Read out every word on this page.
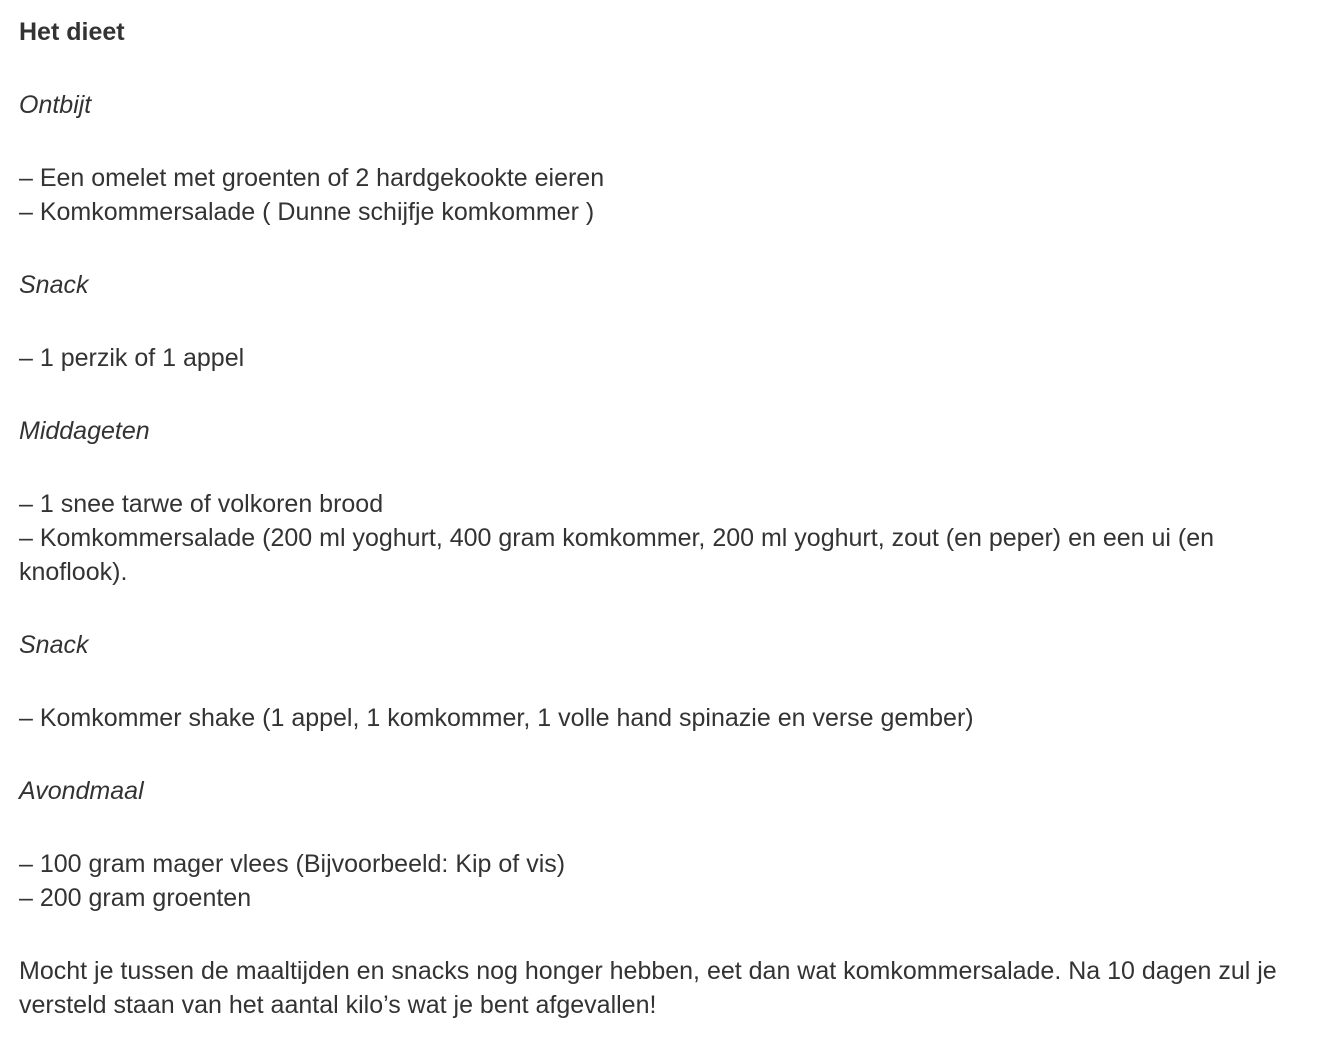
Het dieet
Ontbijt
– Een omelet met groenten of 2 hardgekookte eieren
– Komkommersalade ( Dunne schijfje komkommer )
Snack
– 1 perzik of 1 appel
Middageten
– 1 snee tarwe of volkoren brood
– Komkommersalade (200 ml yoghurt, 400 gram komkommer, 200 ml yoghurt, zout (en peper) en een ui (en knoflook).
Snack
– Komkommer shake (1 appel, 1 komkommer, 1 volle hand spinazie en verse gember)
Avondmaal
– 100 gram mager vlees (Bijvoorbeeld: Kip of vis)
– 200 gram groenten

Mocht je tussen de maaltijden en snacks nog honger hebben, eet dan wat komkommersalade. Na 10 dagen zul je versteld staan van het aantal kilo’s wat je bent afgevallen!
